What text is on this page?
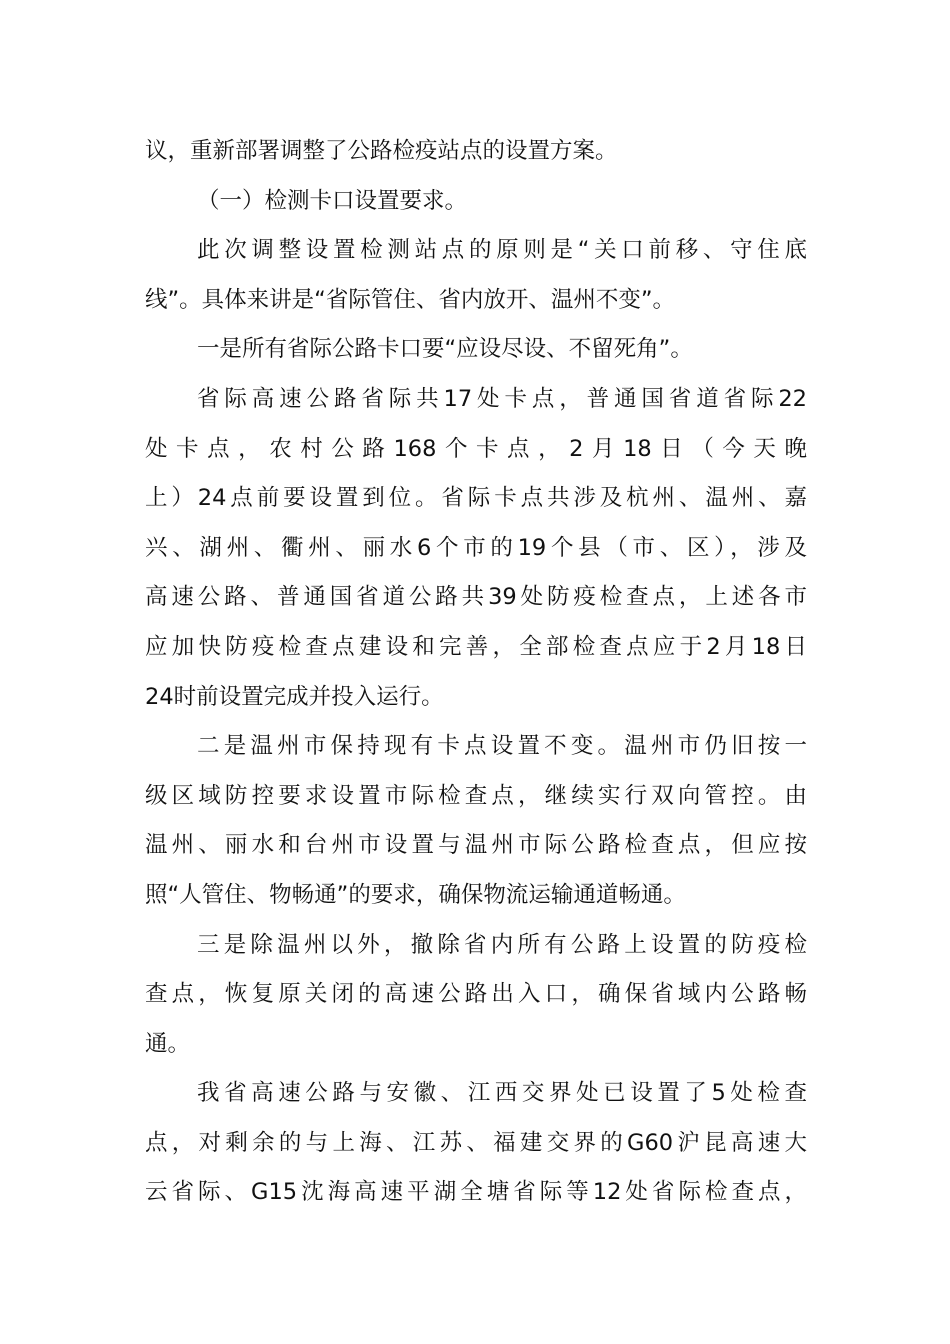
议，重新部署调整了公路检疫站点的设置方案。
（一）检测卡口设置要求。
此次调整设置检测站点的原则是“关口前移、守住底
线”。具体来讲是“省际管住、省内放开、温州不变”。
一是所有省际公路卡口要“应设尽设、不留死角”。
省际高速公路省际共17处卡点，普通国省道省际22
处卡点，农村公路168个卡点，2月18日（今天晚
上）24点前要设置到位。省际卡点共涉及杭州、温州、嘉
兴、湖州、衢州、丽水6个市的19个县（市、区），涉及
高速公路、普通国省道公路共39处防疫检查点，上述各市
应加快防疫检查点建设和完善，全部检查点应于2月18日
24时前设置完成并投入运行。
二是温州市保持现有卡点设置不变。温州市仍旧按一
级区域防控要求设置市际检查点，继续实行双向管控。由
温州、丽水和台州市设置与温州市际公路检查点，但应按
照“人管住、物畅通”的要求，确保物流运输通道畅通。
三是除温州以外，撤除省内所有公路上设置的防疫检
查点，恢复原关闭的高速公路出入口，确保省域内公路畅
通。
我省高速公路与安徽、江西交界处已设置了5处检查
点，对剩余的与上海、江苏、福建交界的G60沪昆高速大
云省际、G15沈海高速平湖全塘省际等12处省际检查点，
